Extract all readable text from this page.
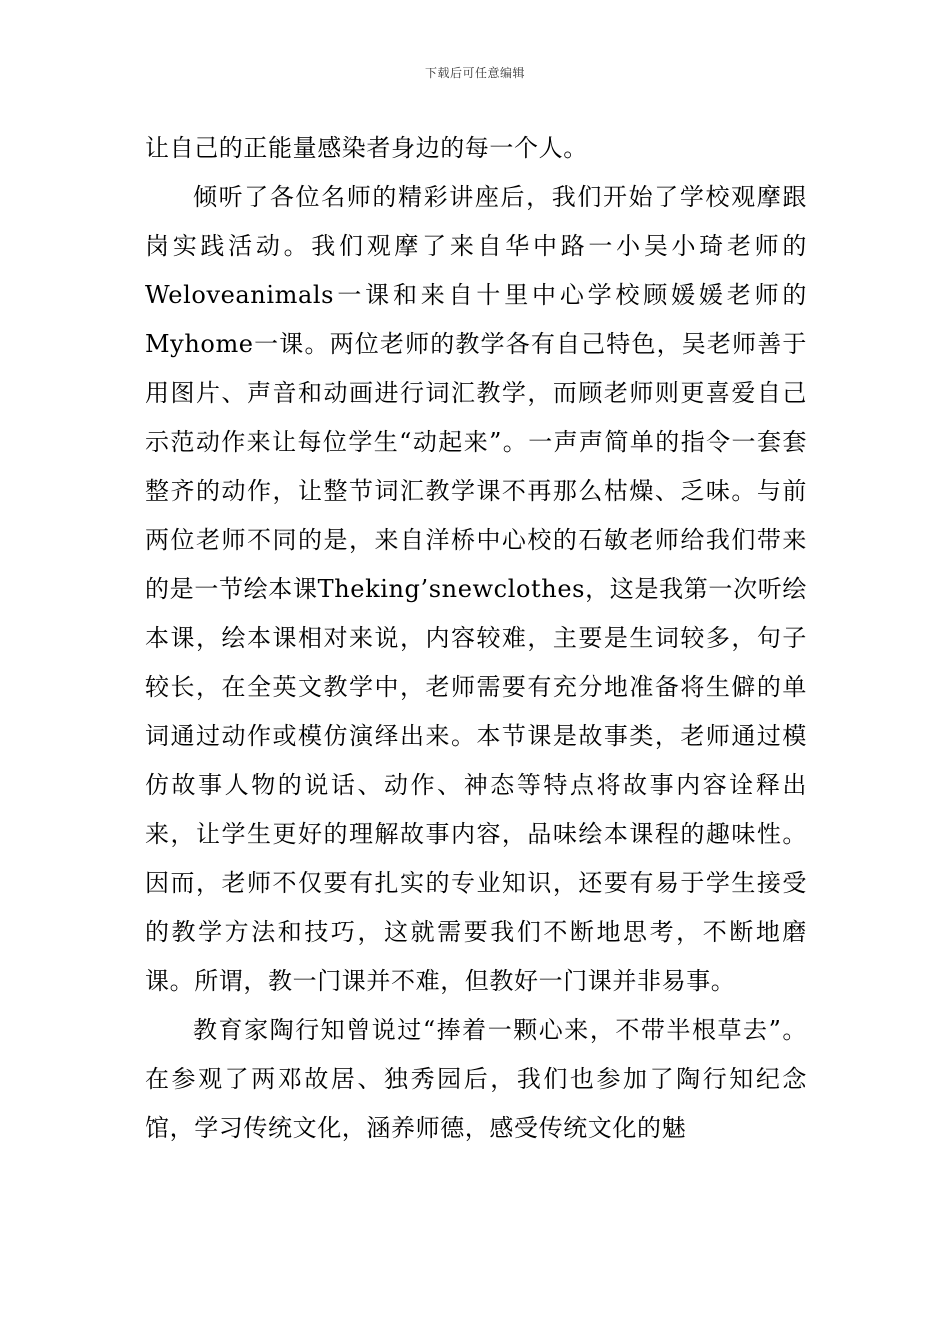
下载后可任意编辑

让自己的正能量感染者身边的每一个人。

倾听了各位名师的精彩讲座后，我们开始了学校观摩跟岗实践活动。我们观摩了来自华中路一小吴小琦老师的Weloveanimals一课和来自十里中心学校顾媛媛老师的Myhome一课。两位老师的教学各有自己特色，吴老师善于用图片、声音和动画进行词汇教学，而顾老师则更喜爱自己示范动作来让每位学生“动起来”。一声声简单的指令一套套整齐的动作，让整节词汇教学课不再那么枯燥、乏味。与前两位老师不同的是，来自洋桥中心校的石敏老师给我们带来的是一节绘本课Theking’snewclothes，这是我第一次听绘本课，绘本课相对来说，内容较难，主要是生词较多，句子较长，在全英文教学中，老师需要有充分地准备将生僻的单词通过动作或模仿演绎出来。本节课是故事类，老师通过模仿故事人物的说话、动作、神态等特点将故事内容诠释出来，让学生更好的理解故事内容，品味绘本课程的趣味性。因而，老师不仅要有扎实的专业知识，还要有易于学生接受的教学方法和技巧，这就需要我们不断地思考，不断地磨课。所谓，教一门课并不难，但教好一门课并非易事。

教育家陶行知曾说过“捧着一颗心来，不带半根草去”。在参观了两邓故居、独秀园后，我们也参加了陶行知纪念馆，学习传统文化，涵养师德，感受传统文化的魅
